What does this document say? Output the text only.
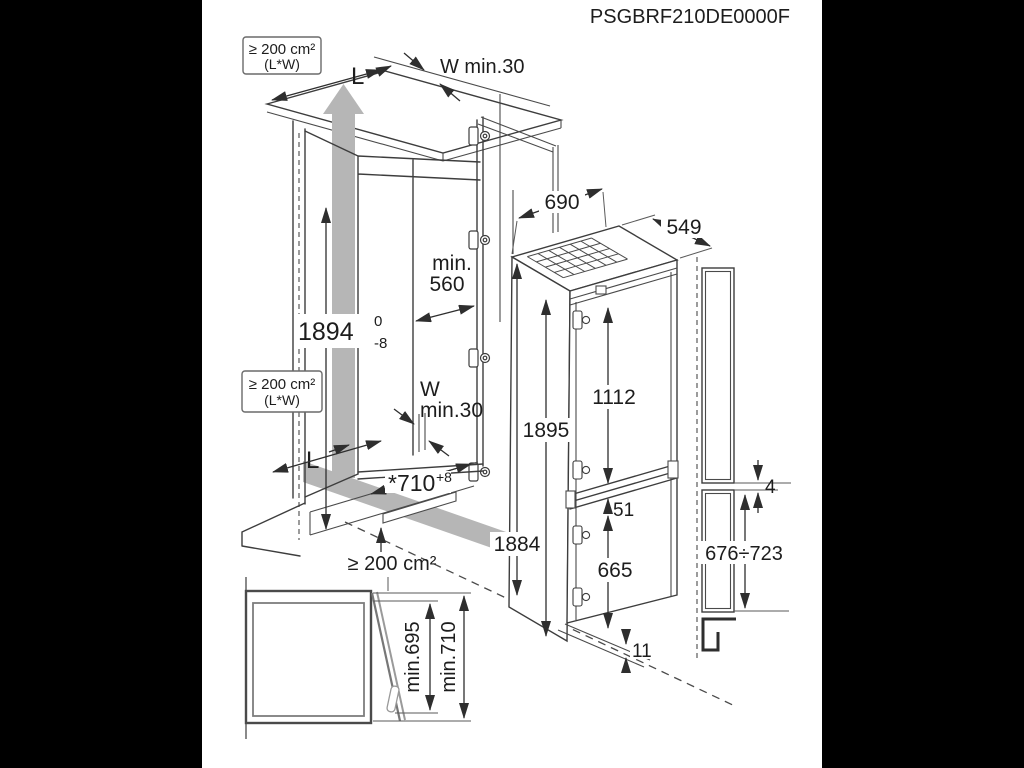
L	W min.30
≥ 200 cm²
(L*W)
1894 0
-8
min.
560
≥ 200 cm²
(L*W)	W
min.30
L
*710 +8
≥ 200 cm²
690
549
1884
1895
1112
51
665
11
4
676÷723
min.695 min.710
PSGBRF210DE0000F
